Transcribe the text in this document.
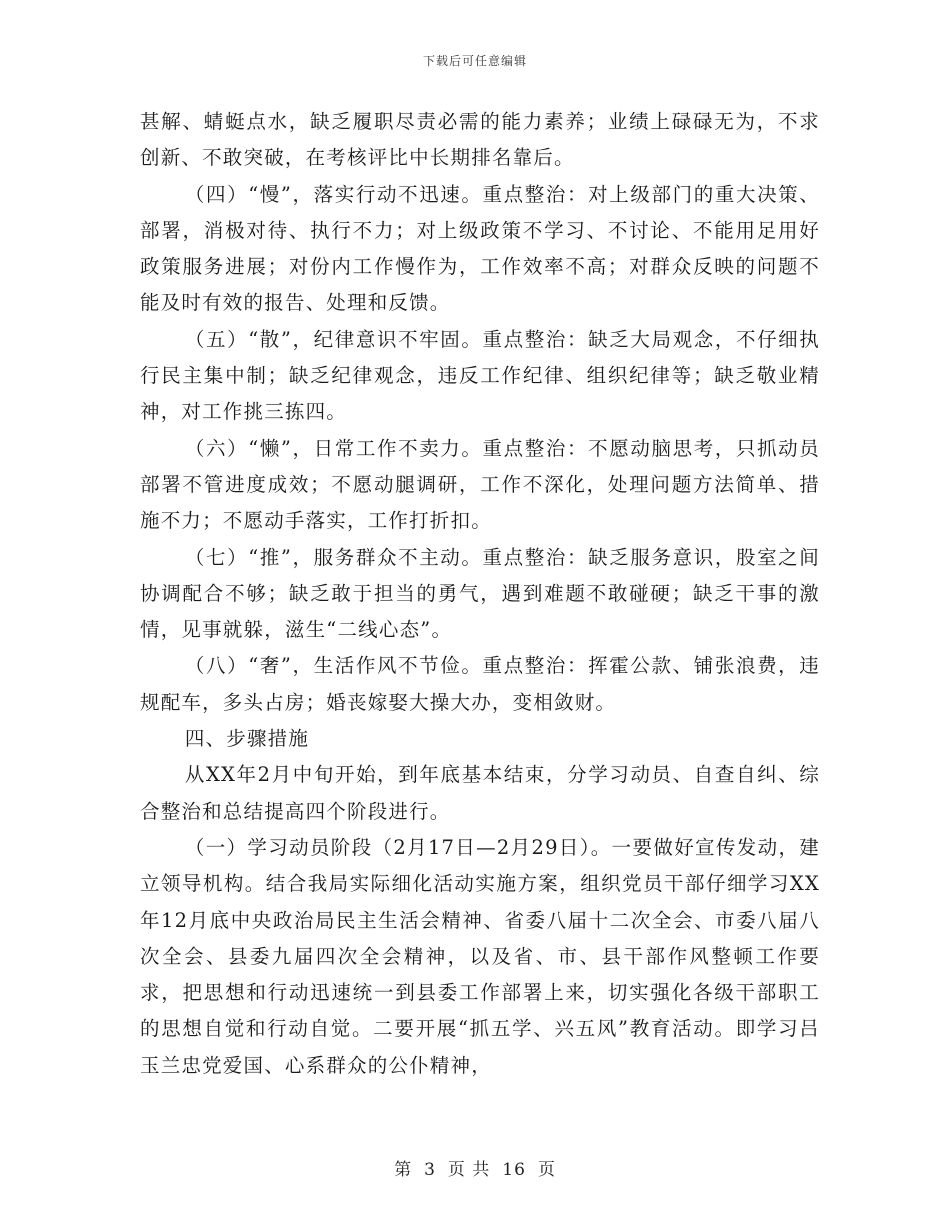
下载后可任意编辑

甚解、蜻蜓点水，缺乏履职尽责必需的能力素养；业绩上碌碌无为，不求创新、不敢突破，在考核评比中长期排名靠后。

（四）“慢”，落实行动不迅速。重点整治：对上级部门的重大决策、部署，消极对待、执行不力；对上级政策不学习、不讨论、不能用足用好政策服务进展；对份内工作慢作为，工作效率不高；对群众反映的问题不能及时有效的报告、处理和反馈。

（五）“散”，纪律意识不牢固。重点整治：缺乏大局观念，不仔细执行民主集中制；缺乏纪律观念，违反工作纪律、组织纪律等；缺乏敬业精神，对工作挑三拣四。

（六）“懒”，日常工作不卖力。重点整治：不愿动脑思考，只抓动员部署不管进度成效；不愿动腿调研，工作不深化，处理问题方法简单、措施不力；不愿动手落实，工作打折扣。

（七）“推”，服务群众不主动。重点整治：缺乏服务意识，股室之间协调配合不够；缺乏敢于担当的勇气，遇到难题不敢碰硬；缺乏干事的激情，见事就躲，滋生“二线心态”。

（八）“奢”，生活作风不节俭。重点整治：挥霍公款、铺张浪费，违规配车，多头占房；婚丧嫁娶大操大办，变相敛财。

四、步骤措施

从XX年2月中旬开始，到年底基本结束，分学习动员、自查自纠、综合整治和总结提高四个阶段进行。

（一）学习动员阶段（2月17日—2月29日）。一要做好宣传发动，建立领导机构。结合我局实际细化活动实施方案，组织党员干部仔细学习XX年12月底中央政治局民主生活会精神、省委八届十二次全会、市委八届八次全会、县委九届四次全会精神，以及省、市、县干部作风整顿工作要求，把思想和行动迅速统一到县委工作部署上来，切实强化各级干部职工的思想自觉和行动自觉。二要开展“抓五学、兴五风”教育活动。即学习吕玉兰忠党爱国、心系群众的公仆精神，

第 3 页 共 16 页
